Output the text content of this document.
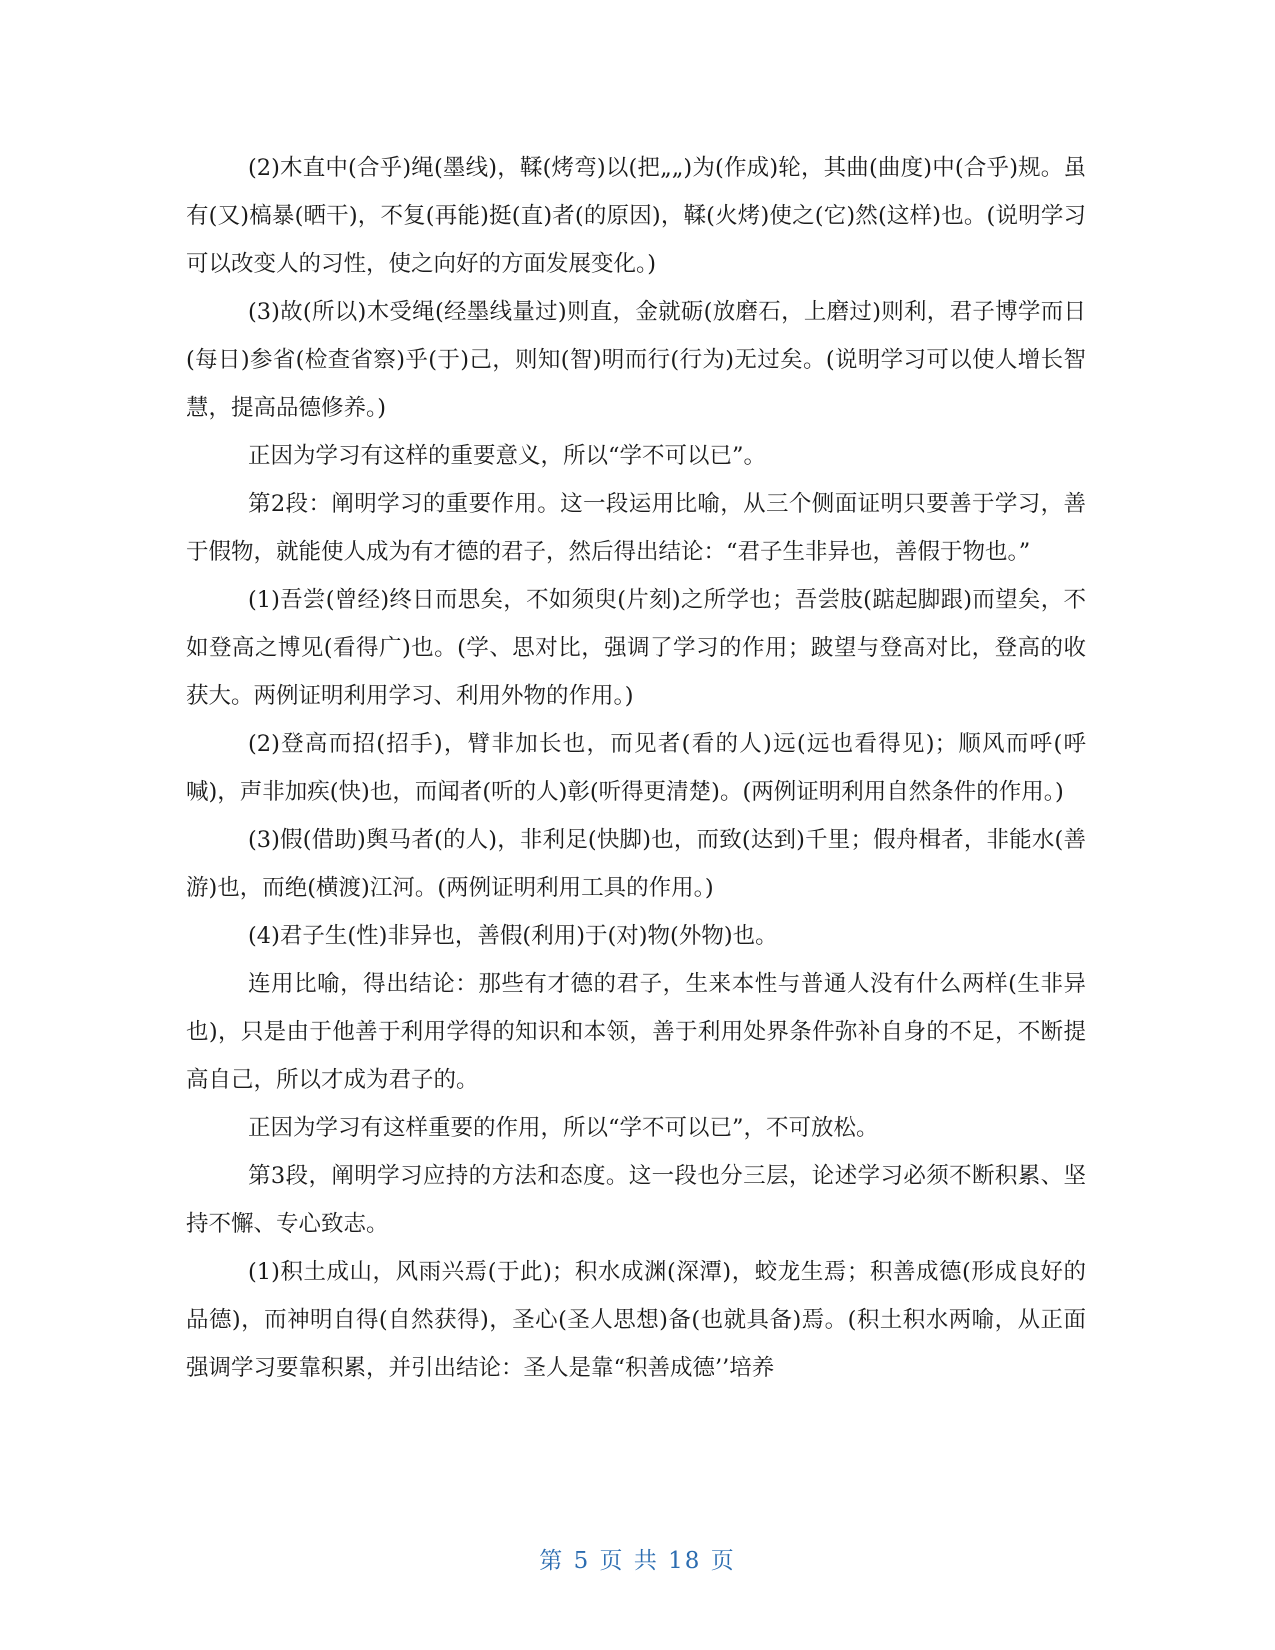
(2)木直中(合乎)绳(墨线)，鞣(烤弯)以(把„„)为(作成)轮，其曲(曲度)中(合乎)规。虽有(又)槁暴(晒干)，不复(再能)挺(直)者(的原因)，鞣(火烤)使之(它)然(这样)也。(说明学习可以改变人的习性，使之向好的方面发展变化。)

(3)故(所以)木受绳(经墨线量过)则直，金就砺(放磨石，上磨过)则利，君子博学而日(每日)参省(检查省察)乎(于)己，则知(智)明而行(行为)无过矣。(说明学习可以使人增长智慧，提高品德修养。)

正因为学习有这样的重要意义，所以“学不可以已”。

第2段：阐明学习的重要作用。这一段运用比喻，从三个侧面证明只要善于学习，善于假物，就能使人成为有才德的君子，然后得出结论：“君子生非异也，善假于物也。”

(1)吾尝(曾经)终日而思矣，不如须臾(片刻)之所学也；吾尝肢(踮起脚跟)而望矣，不如登高之博见(看得广)也。(学、思对比，强调了学习的作用；跛望与登高对比，登高的收获大。两例证明利用学习、利用外物的作用。)

(2)登高而招(招手)，臂非加长也，而见者(看的人)远(远也看得见)；顺风而呼(呼喊)，声非加疾(快)也，而闻者(听的人)彰(听得更清楚)。(两例证明利用自然条件的作用。)

(3)假(借助)舆马者(的人)，非利足(快脚)也，而致(达到)千里；假舟楫者，非能水(善游)也，而绝(横渡)江河。(两例证明利用工具的作用。)

(4)君子生(性)非异也，善假(利用)于(对)物(外物)也。

连用比喻，得出结论：那些有才德的君子，生来本性与普通人没有什么两样(生非异也)，只是由于他善于利用学得的知识和本领，善于利用处界条件弥补自身的不足，不断提高自己，所以才成为君子的。

正因为学习有这样重要的作用，所以“学不可以已”，不可放松。

第3段，阐明学习应持的方法和态度。这一段也分三层，论述学习必须不断积累、坚持不懈、专心致志。

(1)积土成山，风雨兴焉(于此)；积水成渊(深潭)，蛟龙生焉；积善成德(形成良好的品德)，而神明自得(自然获得)，圣心(圣人思想)备(也就具备)焉。(积土积水两喻，从正面强调学习要靠积累，并引出结论：圣人是靠“积善成德’’培养

第 5 页 共 18 页
